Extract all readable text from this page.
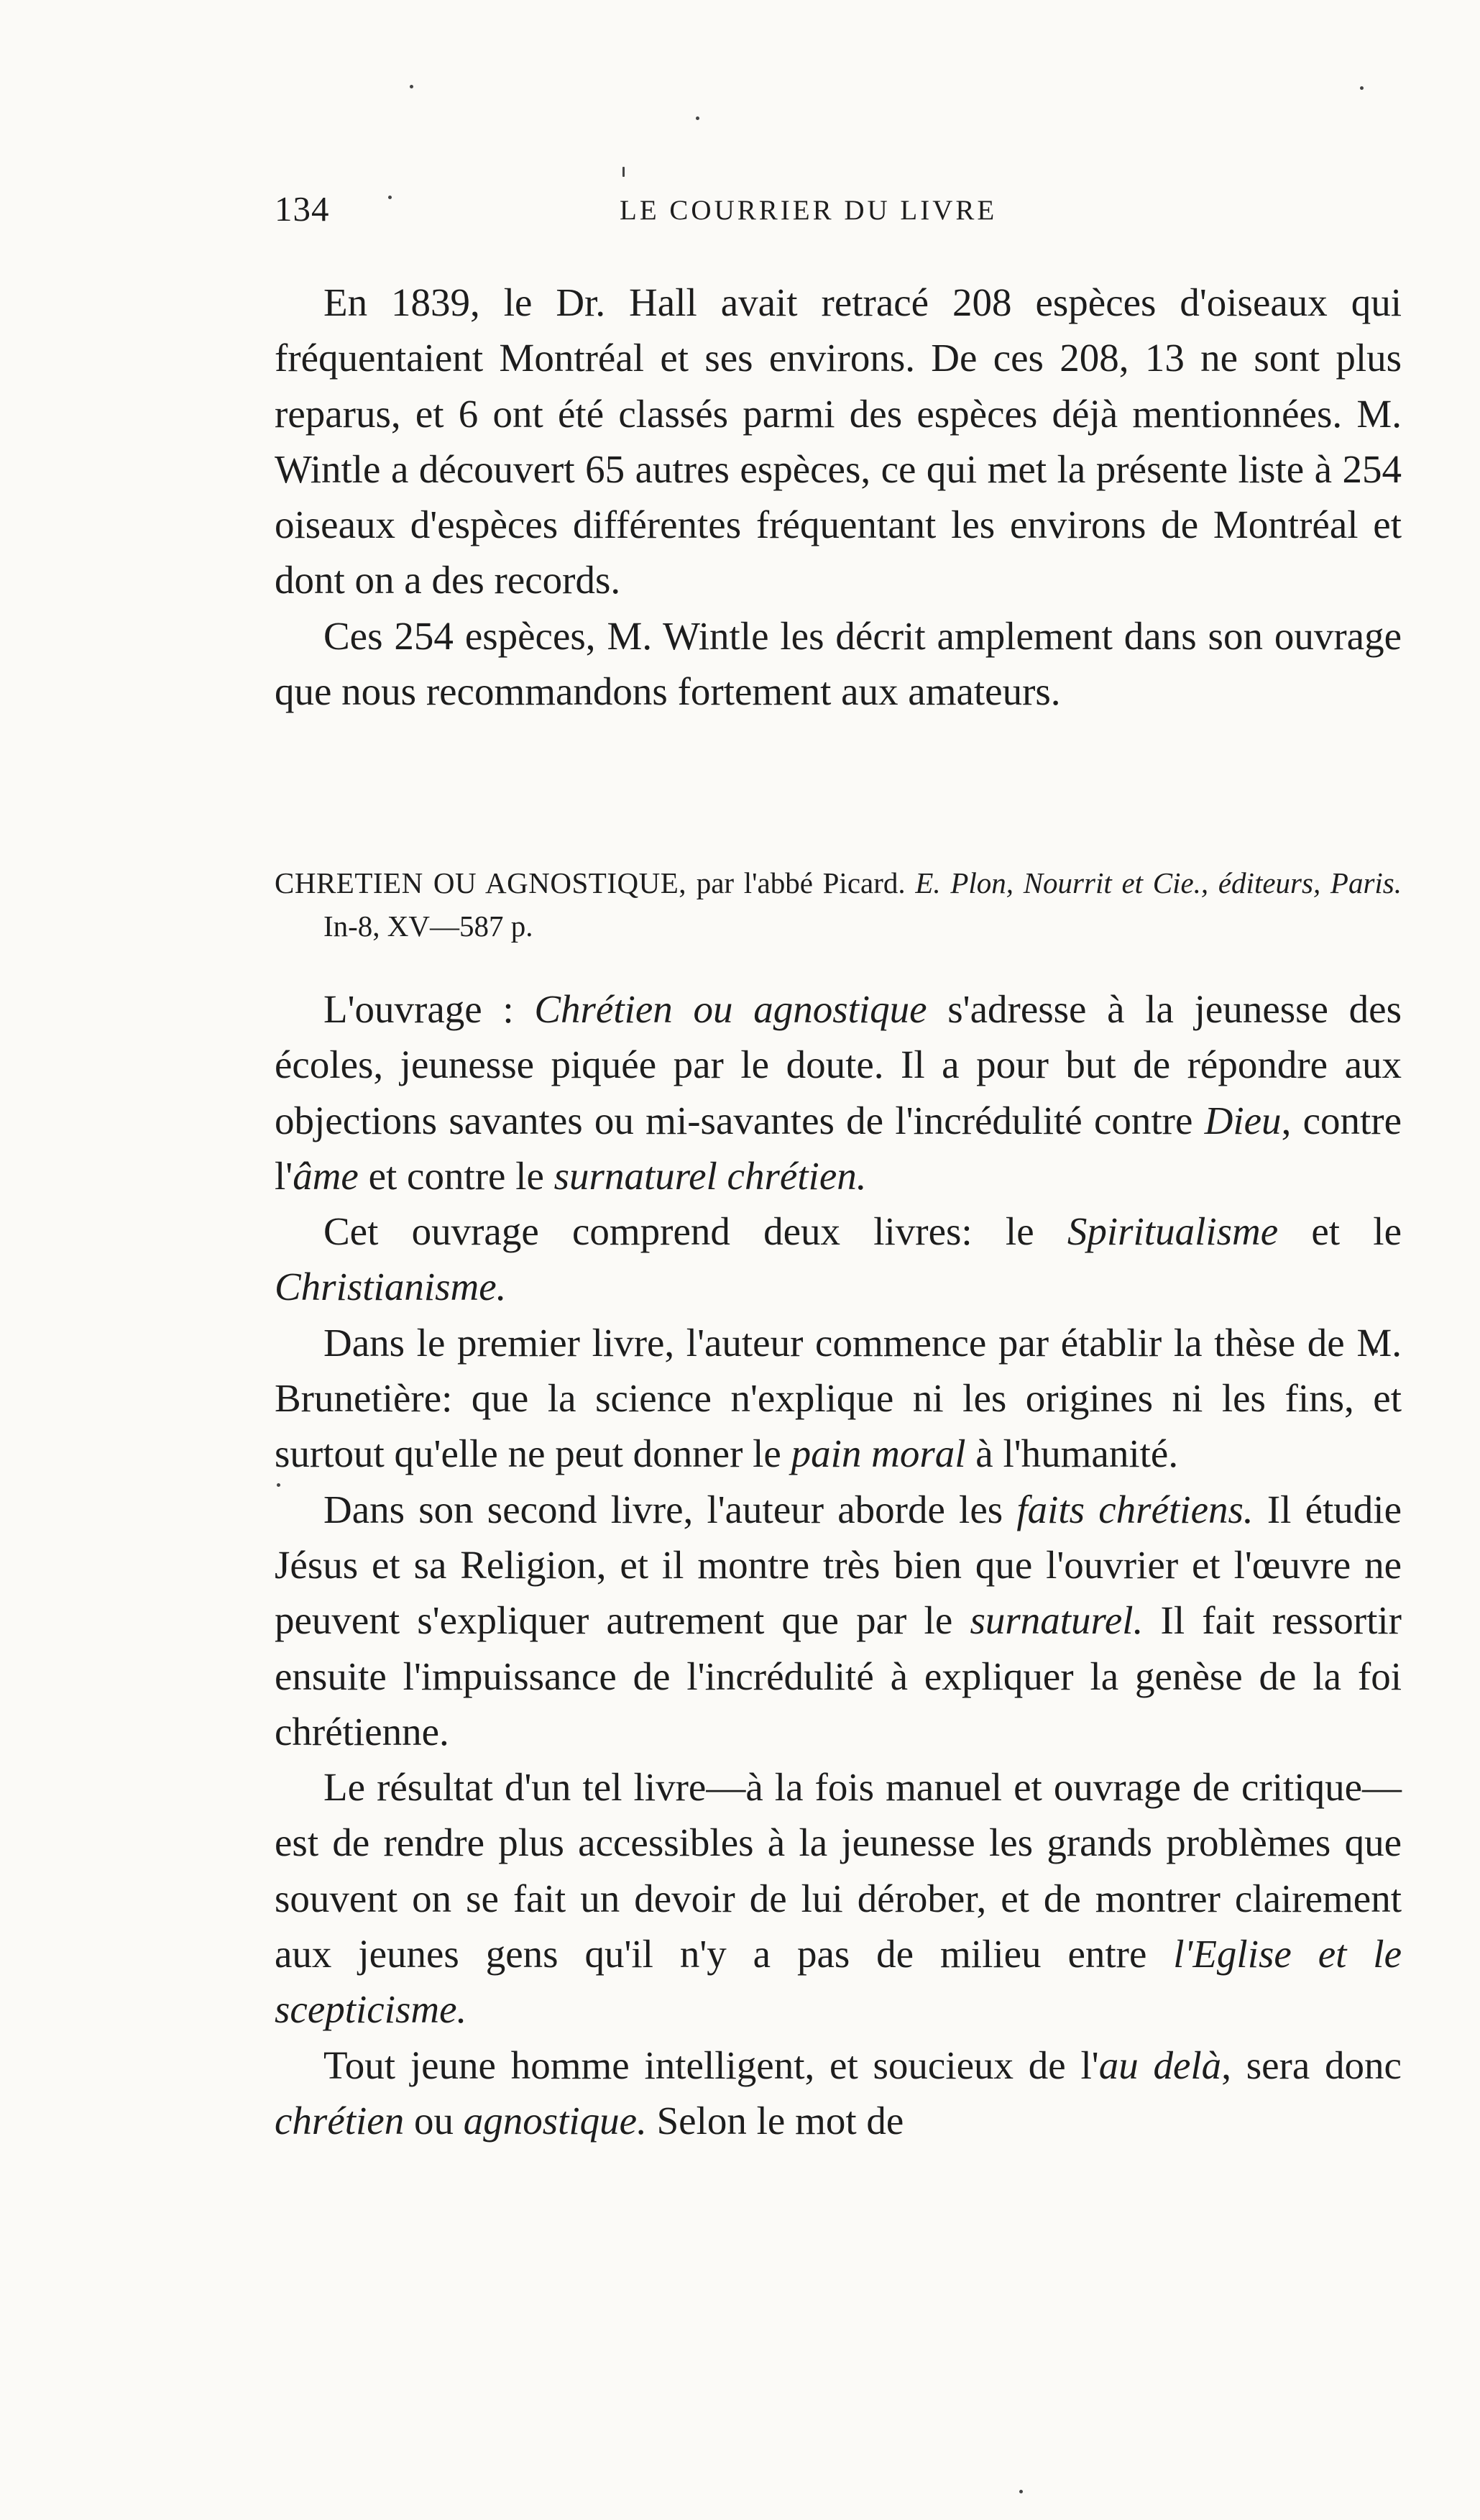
134	LE COURRIER DU LIVRE

En 1839, le Dr. Hall avait retracé 208 espèces d'oiseaux qui fréquentaient Montréal et ses environs. De ces 208, 13 ne sont plus reparus, et 6 ont été classés parmi des espèces déjà mentionnées. M. Wintle a découvert 65 autres espèces, ce qui met la présente liste à 254 oiseaux d'espèces différentes fréquentant les environs de Montréal et dont on a des records.

Ces 254 espèces, M. Wintle les décrit amplement dans son ouvrage que nous recommandons fortement aux amateurs.

CHRETIEN OU AGNOSTIQUE, par l'abbé Picard. E. Plon, Nourrit et Cie., éditeurs, Paris. In-8, XV—587 p.

L'ouvrage : Chrétien ou agnostique s'adresse à la jeunesse des écoles, jeunesse piquée par le doute. Il a pour but de répondre aux objections savantes ou mi-savantes de l'incrédulité contre Dieu, contre l'âme et contre le surnaturel chrétien.

Cet ouvrage comprend deux livres: le Spiritualisme et le Christianisme.

Dans le premier livre, l'auteur commence par établir la thèse de M. Brunetière: que la science n'explique ni les origines ni les fins, et surtout qu'elle ne peut donner le pain moral à l'humanité.

Dans son second livre, l'auteur aborde les faits chrétiens. Il étudie Jésus et sa Religion, et il montre très bien que l'ouvrier et l'œuvre ne peuvent s'expliquer autrement que par le surnaturel. Il fait ressortir ensuite l'impuissance de l'incrédulité à expliquer la genèse de la foi chrétienne.

Le résultat d'un tel livre—à la fois manuel et ouvrage de critique—est de rendre plus accessibles à la jeunesse les grands problèmes que souvent on se fait un devoir de lui dérober, et de montrer clairement aux jeunes gens qu'il n'y a pas de milieu entre l'Eglise et le scepticisme.

Tout jeune homme intelligent, et soucieux de l'au delà, sera donc chrétien ou agnostique. Selon le mot de
